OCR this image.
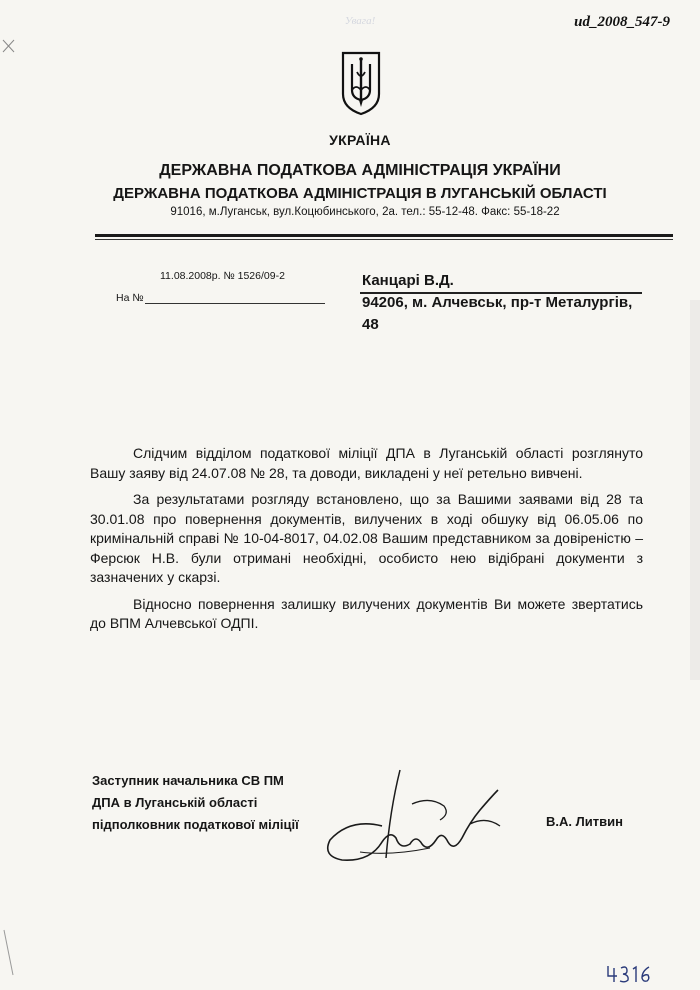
Увага!	ud_2008_547-9
УКРАЇНА
ДЕРЖАВНА ПОДАТКОВА АДМІНІСТРАЦІЯ УКРАЇНИ
ДЕРЖАВНА ПОДАТКОВА АДМІНІСТРАЦІЯ В ЛУГАНСЬКІЙ ОБЛАСТІ
91016, м.Луганськ, вул.Коцюбинського, 2а. тел.: 55-12-48. Факс: 55-18-22
11.08.2008р. № 1526/09-2
На №
Канцарі В.Д.
94206, м. Алчевськ, пр-т Металургів, 48

Слідчим відділом податкової міліції ДПА в Луганській області розглянуто Вашу заяву від 24.07.08 № 28, та доводи, викладені у неї ретельно вивчені.

За результатами розгляду встановлено, що за Вашими заявами від 28 та 30.01.08 про повернення документів, вилучених в ході обшуку від 06.05.06 по кримінальній справі № 10-04-8017, 04.02.08 Вашим представником за довіреністю – Ферсюк Н.В. були отримані необхідні, особисто нею відібрані документи з зазначених у скарзі.

Відносно повернення залишку вилучених документів Ви можете звертатись до ВПМ Алчевської ОДПІ.

Заступник начальника СВ ПМ
ДПА в Луганській області
підполковник податкової міліції	В.А. Литвин
